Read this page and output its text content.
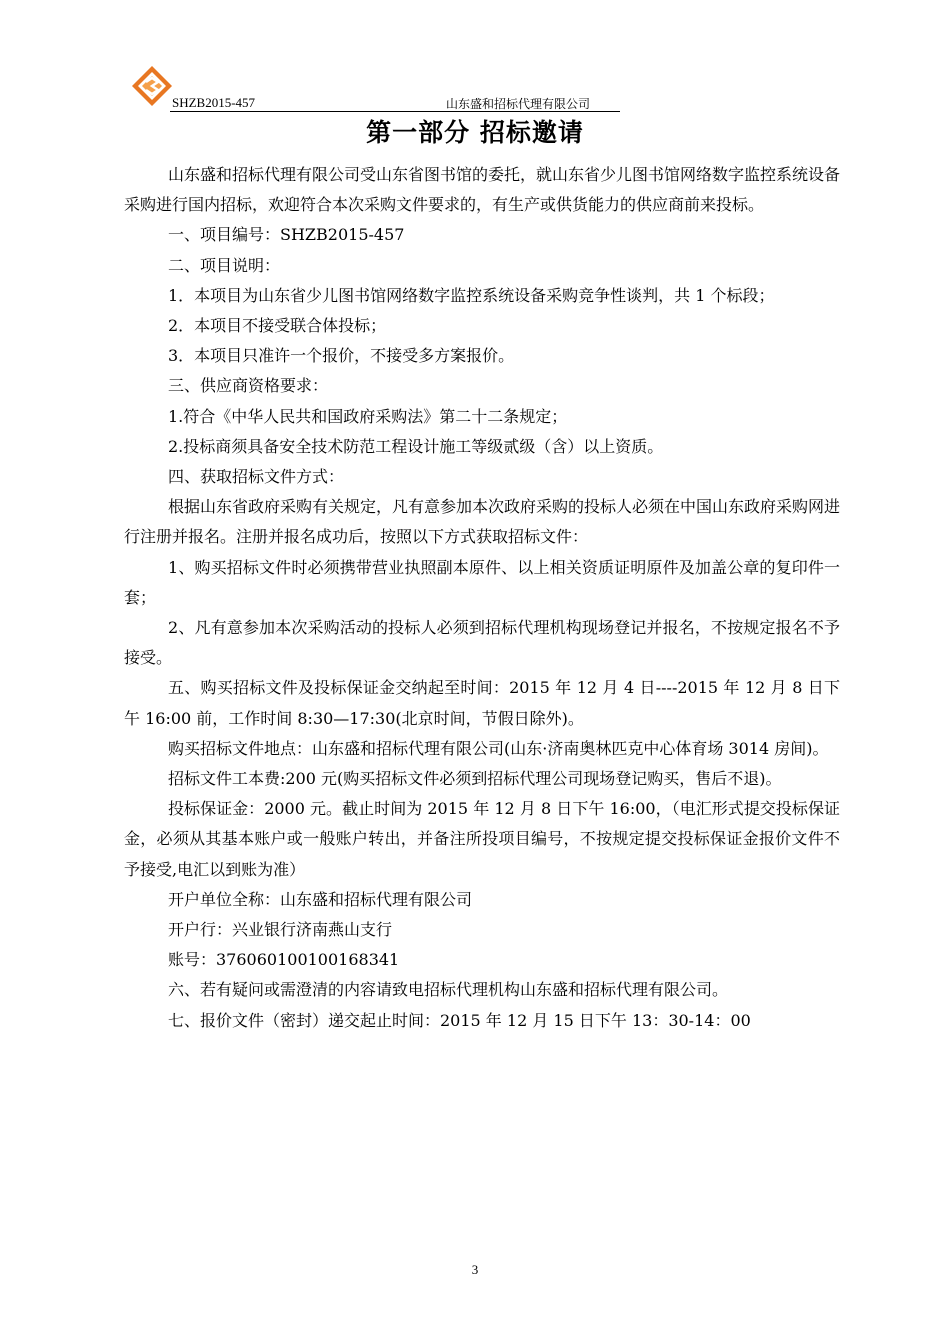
SHZB2015-457	山东盛和招标代理有限公司
第一部分 招标邀请

山东盛和招标代理有限公司受山东省图书馆的委托，就山东省少儿图书馆网络数字监控系统设备采购进行国内招标，欢迎符合本次采购文件要求的，有生产或供货能力的供应商前来投标。

一、项目编号：SHZB2015-457

二、项目说明：

1．本项目为山东省少儿图书馆网络数字监控系统设备采购竞争性谈判，共 1 个标段；

2．本项目不接受联合体投标；

3．本项目只准许一个报价，不接受多方案报价。

三、供应商资格要求：

1.符合《中华人民共和国政府采购法》第二十二条规定；

2.投标商须具备安全技术防范工程设计施工等级贰级（含）以上资质。

四、获取招标文件方式：

根据山东省政府采购有关规定，凡有意参加本次政府采购的投标人必须在中国山东政府采购网进行注册并报名。注册并报名成功后，按照以下方式获取招标文件：

1、购买招标文件时必须携带营业执照副本原件、以上相关资质证明原件及加盖公章的复印件一套；

2、凡有意参加本次采购活动的投标人必须到招标代理机构现场登记并报名，不按规定报名不予接受。

五、购买招标文件及投标保证金交纳起至时间：2015 年 12 月 4 日----2015 年 12 月 8 日下午 16:00 前，工作时间 8:30—17:30(北京时间，节假日除外)。

购买招标文件地点：山东盛和招标代理有限公司(山东·济南奥林匹克中心体育场 3014 房间)。

招标文件工本费:200 元(购买招标文件必须到招标代理公司现场登记购买，售后不退)。

投标保证金：2000 元。截止时间为 2015 年 12 月 8 日下午 16:00，（电汇形式提交投标保证金，必须从其基本账户或一般账户转出，并备注所投项目编号，不按规定提交投标保证金报价文件不予接受,电汇以到账为准）

开户单位全称：山东盛和招标代理有限公司

开户行：兴业银行济南燕山支行

账号：376060100100168341

六、若有疑问或需澄清的内容请致电招标代理机构山东盛和招标代理有限公司。

七、报价文件（密封）递交起止时间：2015 年 12 月 15 日下午 13：30-14：00

3
